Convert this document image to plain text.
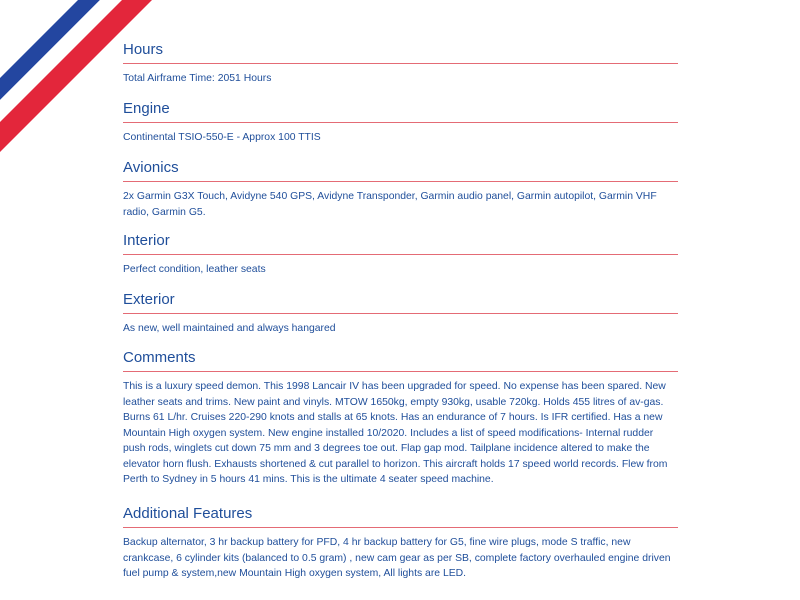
Hours

Total Airframe Time: 2051 Hours

Engine

Continental TSIO-550-E - Approx 100 TTIS

Avionics

2x Garmin G3X Touch, Avidyne 540 GPS, Avidyne Transponder, Garmin audio panel, Garmin autopilot, Garmin VHF radio, Garmin G5.

Interior

Perfect condition, leather seats

Exterior

As new, well maintained and always hangared

Comments

This is a luxury speed demon. This 1998 Lancair IV has been upgraded for speed. No expense has been spared. New leather seats and trims. New paint and vinyls. MTOW 1650kg, empty 930kg, usable 720kg. Holds 455 litres of av-gas. Burns 61 L/hr. Cruises 220-290 knots and stalls at 65 knots. Has an endurance of 7 hours. Is IFR certified. Has a new Mountain High oxygen system. New engine installed 10/2020. Includes a list of speed modifications- Internal rudder push rods, winglets cut down 75 mm and 3 degrees toe out. Flap gap mod. Tailplane incidence altered to make the elevator horn flush. Exhausts shortened & cut parallel to horizon. This aircraft holds 17 speed world records. Flew from Perth to Sydney in 5 hours 41 mins. This is the ultimate 4 seater speed machine.

Additional Features

Backup alternator, 3 hr backup battery for PFD, 4 hr backup battery for G5, fine wire plugs, mode S traffic, new crankcase, 6 cylinder kits (balanced to 0.5 gram) , new cam gear as per SB, complete factory overhauled engine driven fuel pump & system,new Mountain High oxygen system, All lights are LED.
